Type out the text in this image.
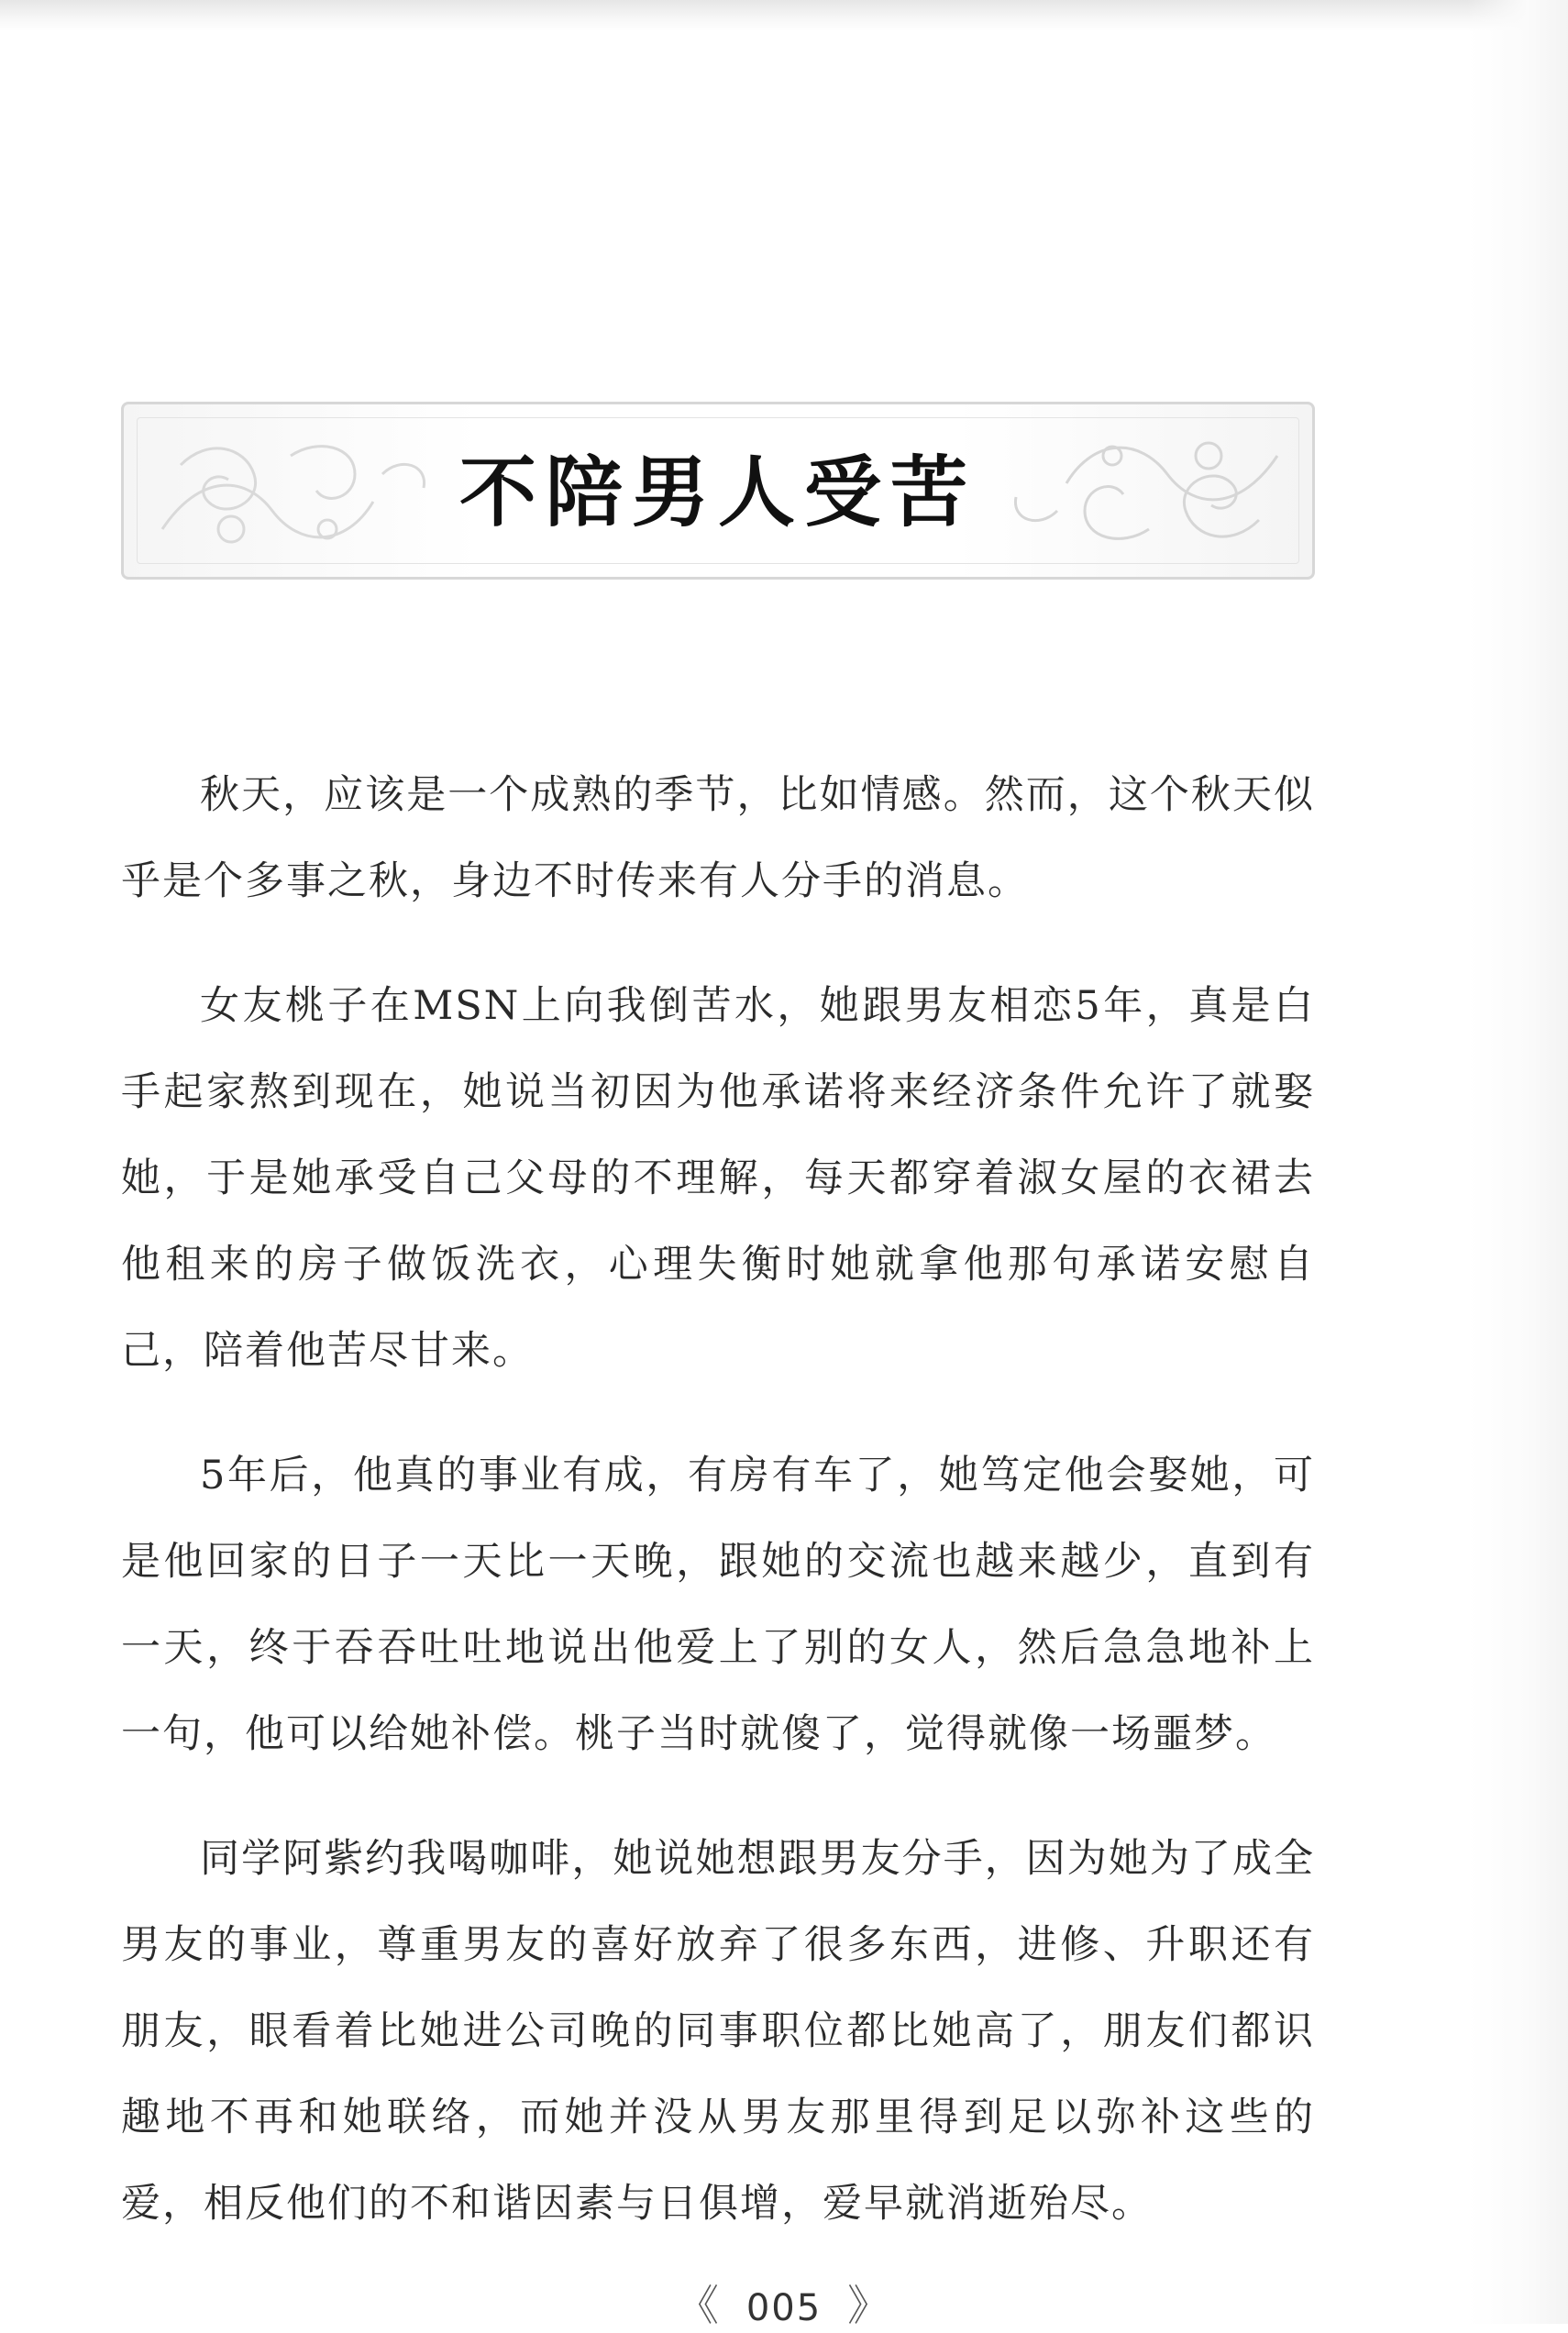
不陪男人受苦

秋天，应该是一个成熟的季节，比如情感。然而，这个秋天似乎是个多事之秋，身边不时传来有人分手的消息。

女友桃子在MSN上向我倒苦水，她跟男友相恋5年，真是白手起家熬到现在，她说当初因为他承诺将来经济条件允许了就娶她，于是她承受自己父母的不理解，每天都穿着淑女屋的衣裙去他租来的房子做饭洗衣，心理失衡时她就拿他那句承诺安慰自己，陪着他苦尽甘来。

5年后，他真的事业有成，有房有车了，她笃定他会娶她，可是他回家的日子一天比一天晚，跟她的交流也越来越少，直到有一天，终于吞吞吐吐地说出他爱上了别的女人，然后急急地补上一句，他可以给她补偿。桃子当时就傻了，觉得就像一场噩梦。

同学阿紫约我喝咖啡，她说她想跟男友分手，因为她为了成全男友的事业，尊重男友的喜好放弃了很多东西，进修、升职还有朋友，眼看着比她进公司晚的同事职位都比她高了，朋友们都识趣地不再和她联络，而她并没从男友那里得到足以弥补这些的爱，相反他们的不和谐因素与日俱增，爱早就消逝殆尽。

《 005 》
